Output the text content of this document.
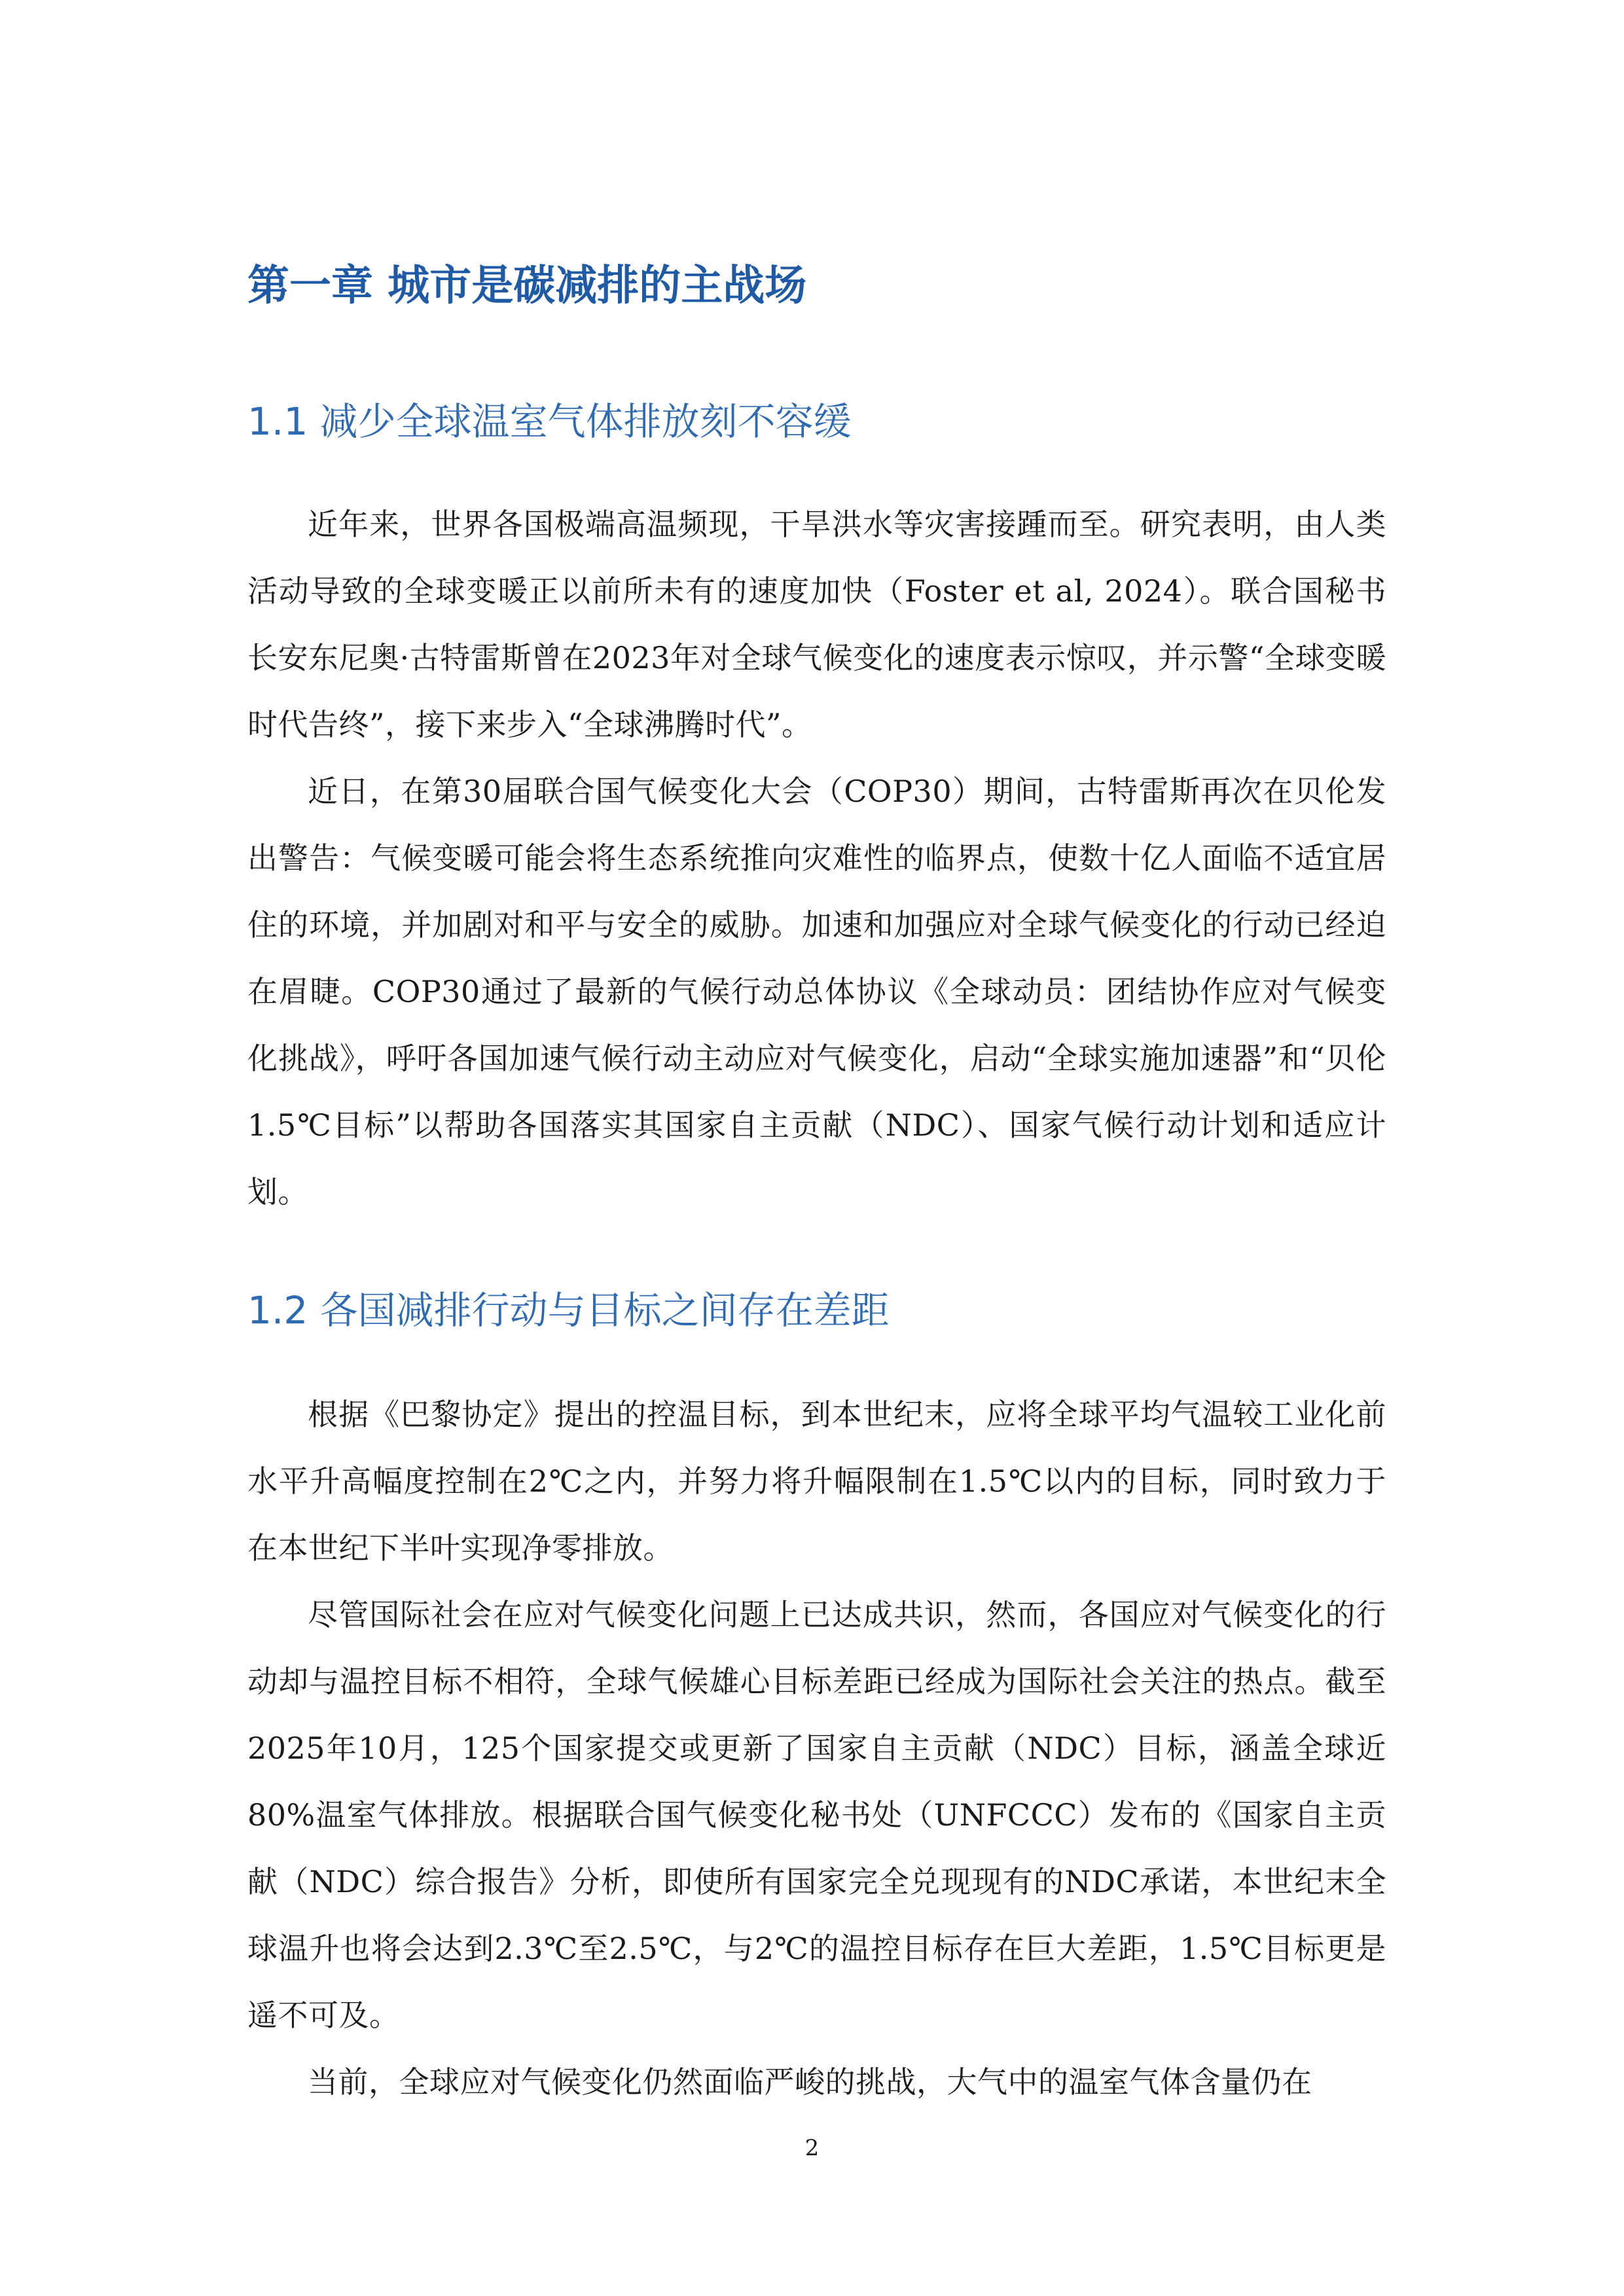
第一章 城市是碳减排的主战场
1.1 减少全球温室气体排放刻不容缓

近年来，世界各国极端高温频现，干旱洪水等灾害接踵而至。研究表明，由人类活动导致的全球变暖正以前所未有的速度加快（Foster et al, 2024）。联合国秘书长安东尼奥·古特雷斯曾在2023年对全球气候变化的速度表示惊叹，并示警“全球变暖时代告终”，接下来步入“全球沸腾时代”。

近日，在第30届联合国气候变化大会（COP30）期间，古特雷斯再次在贝伦发出警告：气候变暖可能会将生态系统推向灾难性的临界点，使数十亿人面临不适宜居住的环境，并加剧对和平与安全的威胁。加速和加强应对全球气候变化的行动已经迫在眉睫。COP30通过了最新的气候行动总体协议《全球动员：团结协作应对气候变化挑战》，呼吁各国加速气候行动主动应对气候变化，启动“全球实施加速器”和“贝伦1.5℃目标”以帮助各国落实其国家自主贡献（NDC）、国家气候行动计划和适应计划。

1.2 各国减排行动与目标之间存在差距

根据《巴黎协定》提出的控温目标，到本世纪末，应将全球平均气温较工业化前水平升高幅度控制在2℃之内，并努力将升幅限制在1.5℃以内的目标，同时致力于在本世纪下半叶实现净零排放。

尽管国际社会在应对气候变化问题上已达成共识，然而，各国应对气候变化的行动却与温控目标不相符，全球气候雄心目标差距已经成为国际社会关注的热点。截至2025年10月，125个国家提交或更新了国家自主贡献（NDC）目标，涵盖全球近80%温室气体排放。根据联合国气候变化秘书处（UNFCCC）发布的《国家自主贡献（NDC）综合报告》分析，即使所有国家完全兑现现有的NDC承诺，本世纪末全球温升也将会达到2.3℃至2.5℃，与2℃的温控目标存在巨大差距，1.5℃目标更是遥不可及。

当前，全球应对气候变化仍然面临严峻的挑战，大气中的温室气体含量仍在

2
